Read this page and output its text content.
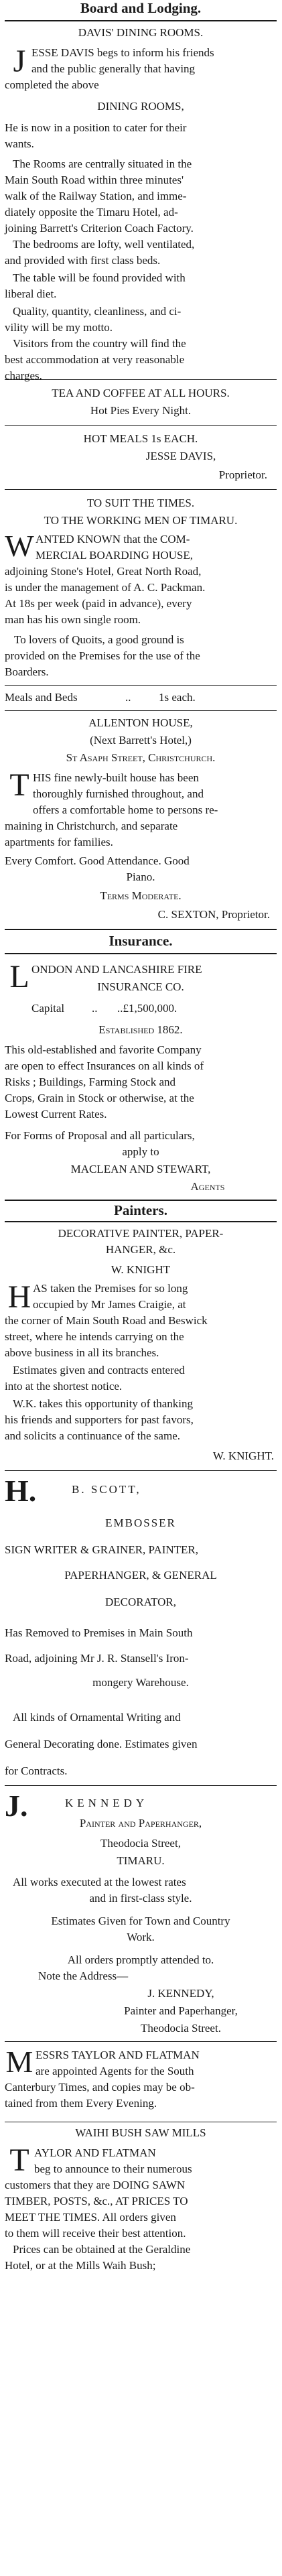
Board and Lodging.
DAVIS' DINING ROOMS.
J ESSE DAVIS begs to inform his friends
and the public generally that having
completed the above
DINING ROOMS,
He is now in a position to cater for their
wants.
The Rooms are centrally situated in the
Main South Road within three minutes'
walk of the Railway Station, and imme-
diately opposite the Timaru Hotel, ad-
joining Barrett's Criterion Coach Factory.
The bedrooms are lofty, well ventilated,
and provided with first class beds.
The table will be found provided with
liberal diet.
Quality, quantity, cleanliness, and ci-
vility will be my motto.
Visitors from the country will find the
best accommodation at very reasonable
charges.
TEA AND COFFEE AT ALL HOURS.
Hot Pies Every Night.
HOT MEALS 1s EACH.
JESSE DAVIS,
Proprietor.
TO SUIT THE TIMES.
TO THE WORKING MEN OF TIMARU.
W ANTED KNOWN that the COM-
MERCIAL BOARDING HOUSE,
adjoining Stone's Hotel, Great North Road,
is under the management of A. C. Packman.
At 18s per week (paid in advance), every
man has his own single room.
To lovers of Quoits, a good ground is
provided on the Premises for the use of the
Boarders.
Meals and Beds	.. 1s each.
ALLENTON HOUSE,
(Next Barrett's Hotel,)
St Asaph Street, Christchurch.
T HIS fine newly-built house has been
thoroughly furnished throughout, and
offers a comfortable home to persons re-
maining in Christchurch, and separate
apartments for families.
Every Comfort. Good Attendance. Good
Piano.
Terms Moderate.
C. SEXTON, Proprietor.
Insurance.
L ONDON AND LANCASHIRE FIRE
INSURANCE CO.
Capital .. ..£1,500,000.
Established 1862.
This old-established and favorite Company
are open to effect Insurances on all kinds of
Risks ; Buildings, Farming Stock and
Crops, Grain in Stock or otherwise, at the
Lowest Current Rates.
For Forms of Proposal and all particulars,
apply to
MACLEAN AND STEWART,
Agents
Painters.
DECORATIVE PAINTER, PAPER-
HANGER, &c.
W. KNIGHT
H AS taken the Premises for so long
occupied by Mr James Craigie, at
the corner of Main South Road and Beswick
street, where he intends carrying on the
above business in all its branches.
Estimates given and contracts entered
into at the shortest notice.
W.K. takes this opportunity of thanking
his friends and supporters for past favors,
and solicits a continuance of the same.
W. KNIGHT.
H.	B. SCOTT,
EMBOSSER
SIGN WRITER & GRAINER, PAINTER,
PAPERHANGER, & GENERAL
DECORATOR,
Has Removed to Premises in Main South
Road, adjoining Mr J. R. Stansell's Iron-
mongery Warehouse.
All kinds of Ornamental Writing and
General Decorating done. Estimates given
for Contracts.
J.	KENNEDY
Painter and Paperhanger,
Theodocia Street,
TIMARU.
All works executed at the lowest rates
and in first-class style.
Estimates Given for Town and Country
Work.
All orders promptly attended to.
Note the Address—
J. KENNEDY,
Painter and Paperhanger,
Theodocia Street.
M ESSRS TAYLOR AND FLATMAN
are appointed Agents for the South
Canterbury Times, and copies may be ob-
tained from them Every Evening.
WAIHI BUSH SAW MILLS
T AYLOR AND FLATMAN
beg to announce to their numerous
customers that they are DOING SAWN
TIMBER, POSTS, &c., AT PRICES TO
MEET THE TIMES. All orders given
to them will receive their best attention.
Prices can be obtained at the Geraldine
Hotel, or at the Mills Waih Bush;
